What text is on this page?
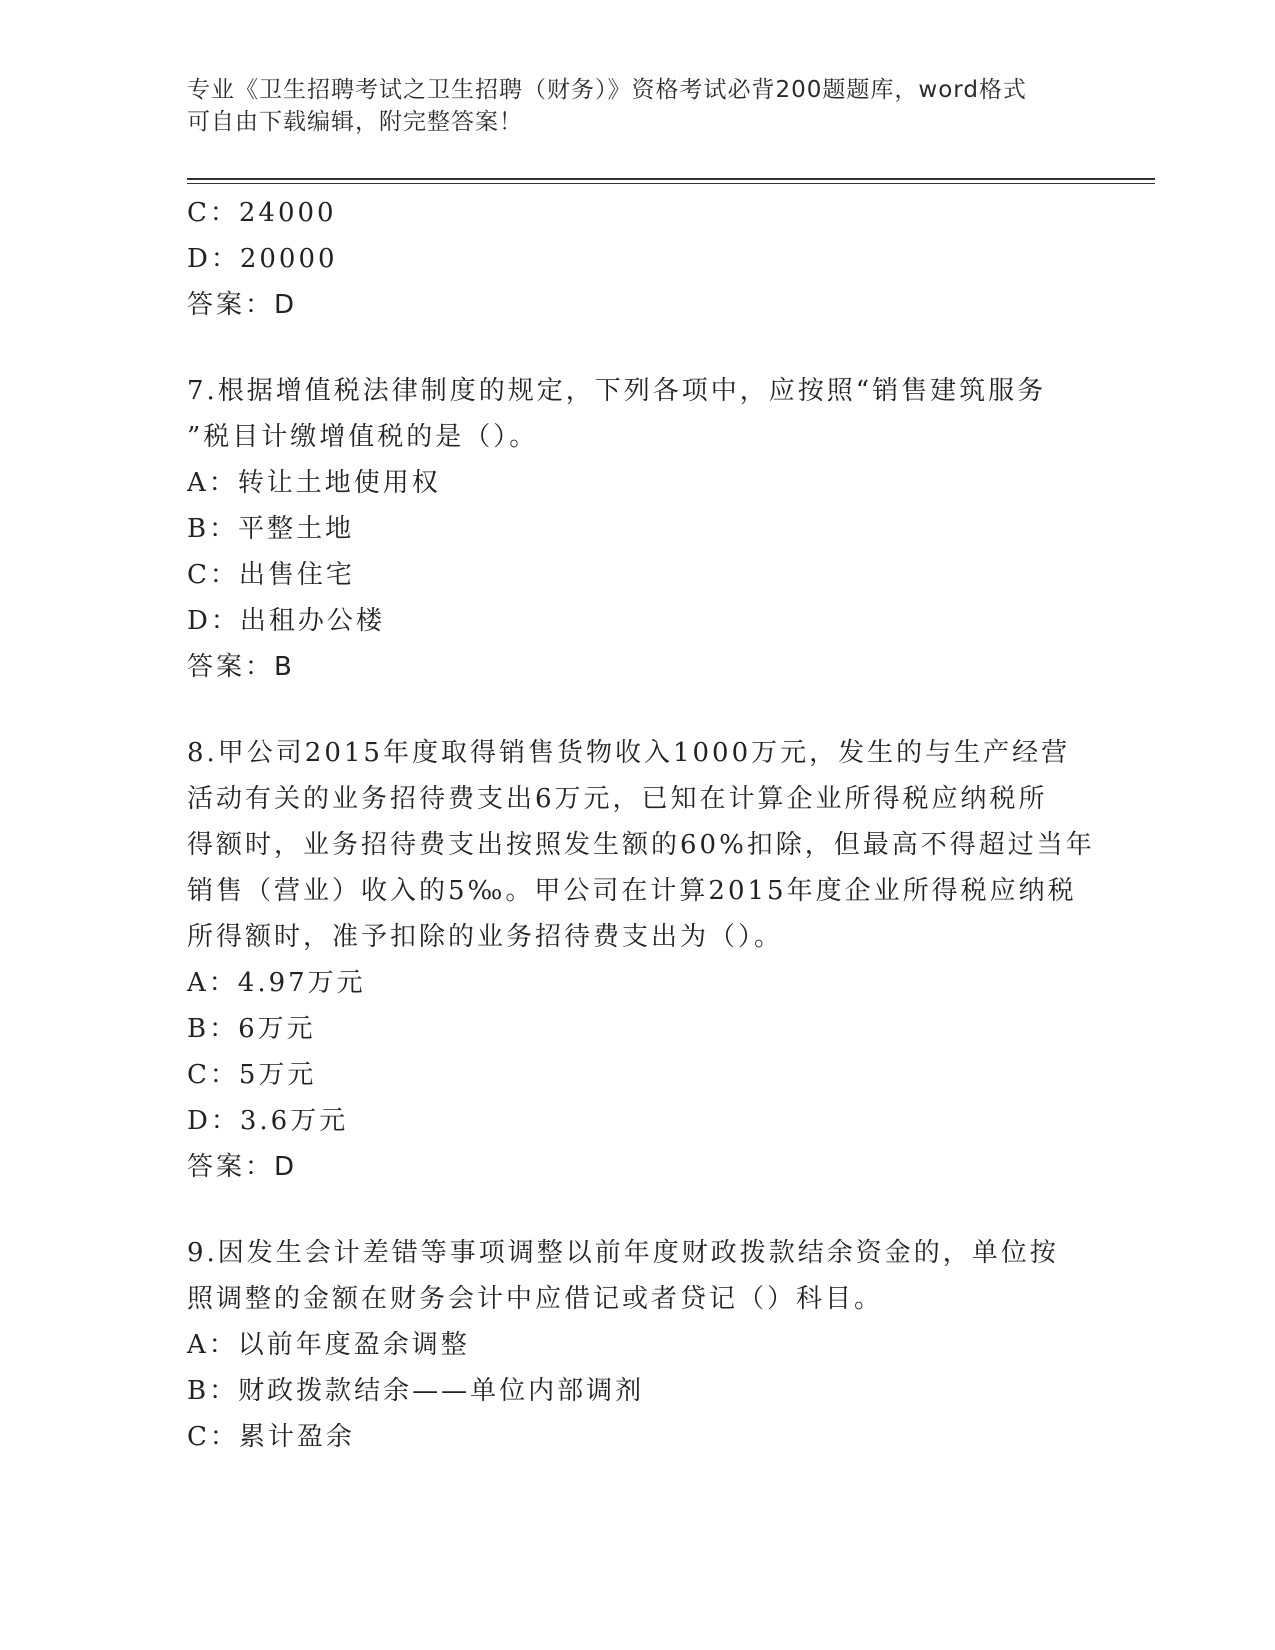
专业《卫生招聘考试之卫生招聘（财务）》资格考试必背200题题库，word格式
可自由下载编辑，附完整答案！
C：24000
D：20000
答案：D
7.根据增值税法律制度的规定，下列各项中，应按照“销售建筑服务
”税目计缴增值税的是（）。
A：转让土地使用权
B：平整土地
C：出售住宅
D：出租办公楼
答案：B
8.甲公司2015年度取得销售货物收入1000万元，发生的与生产经营
活动有关的业务招待费支出6万元，已知在计算企业所得税应纳税所
得额时，业务招待费支出按照发生额的60%扣除，但最高不得超过当年
销售（营业）收入的5‰。甲公司在计算2015年度企业所得税应纳税
所得额时，准予扣除的业务招待费支出为（）。
A：4.97万元
B：6万元
C：5万元
D：3.6万元
答案：D
9.因发生会计差错等事项调整以前年度财政拨款结余资金的，单位按
照调整的金额在财务会计中应借记或者贷记（）科目。
A：以前年度盈余调整
B：财政拨款结余——单位内部调剂
C：累计盈余
